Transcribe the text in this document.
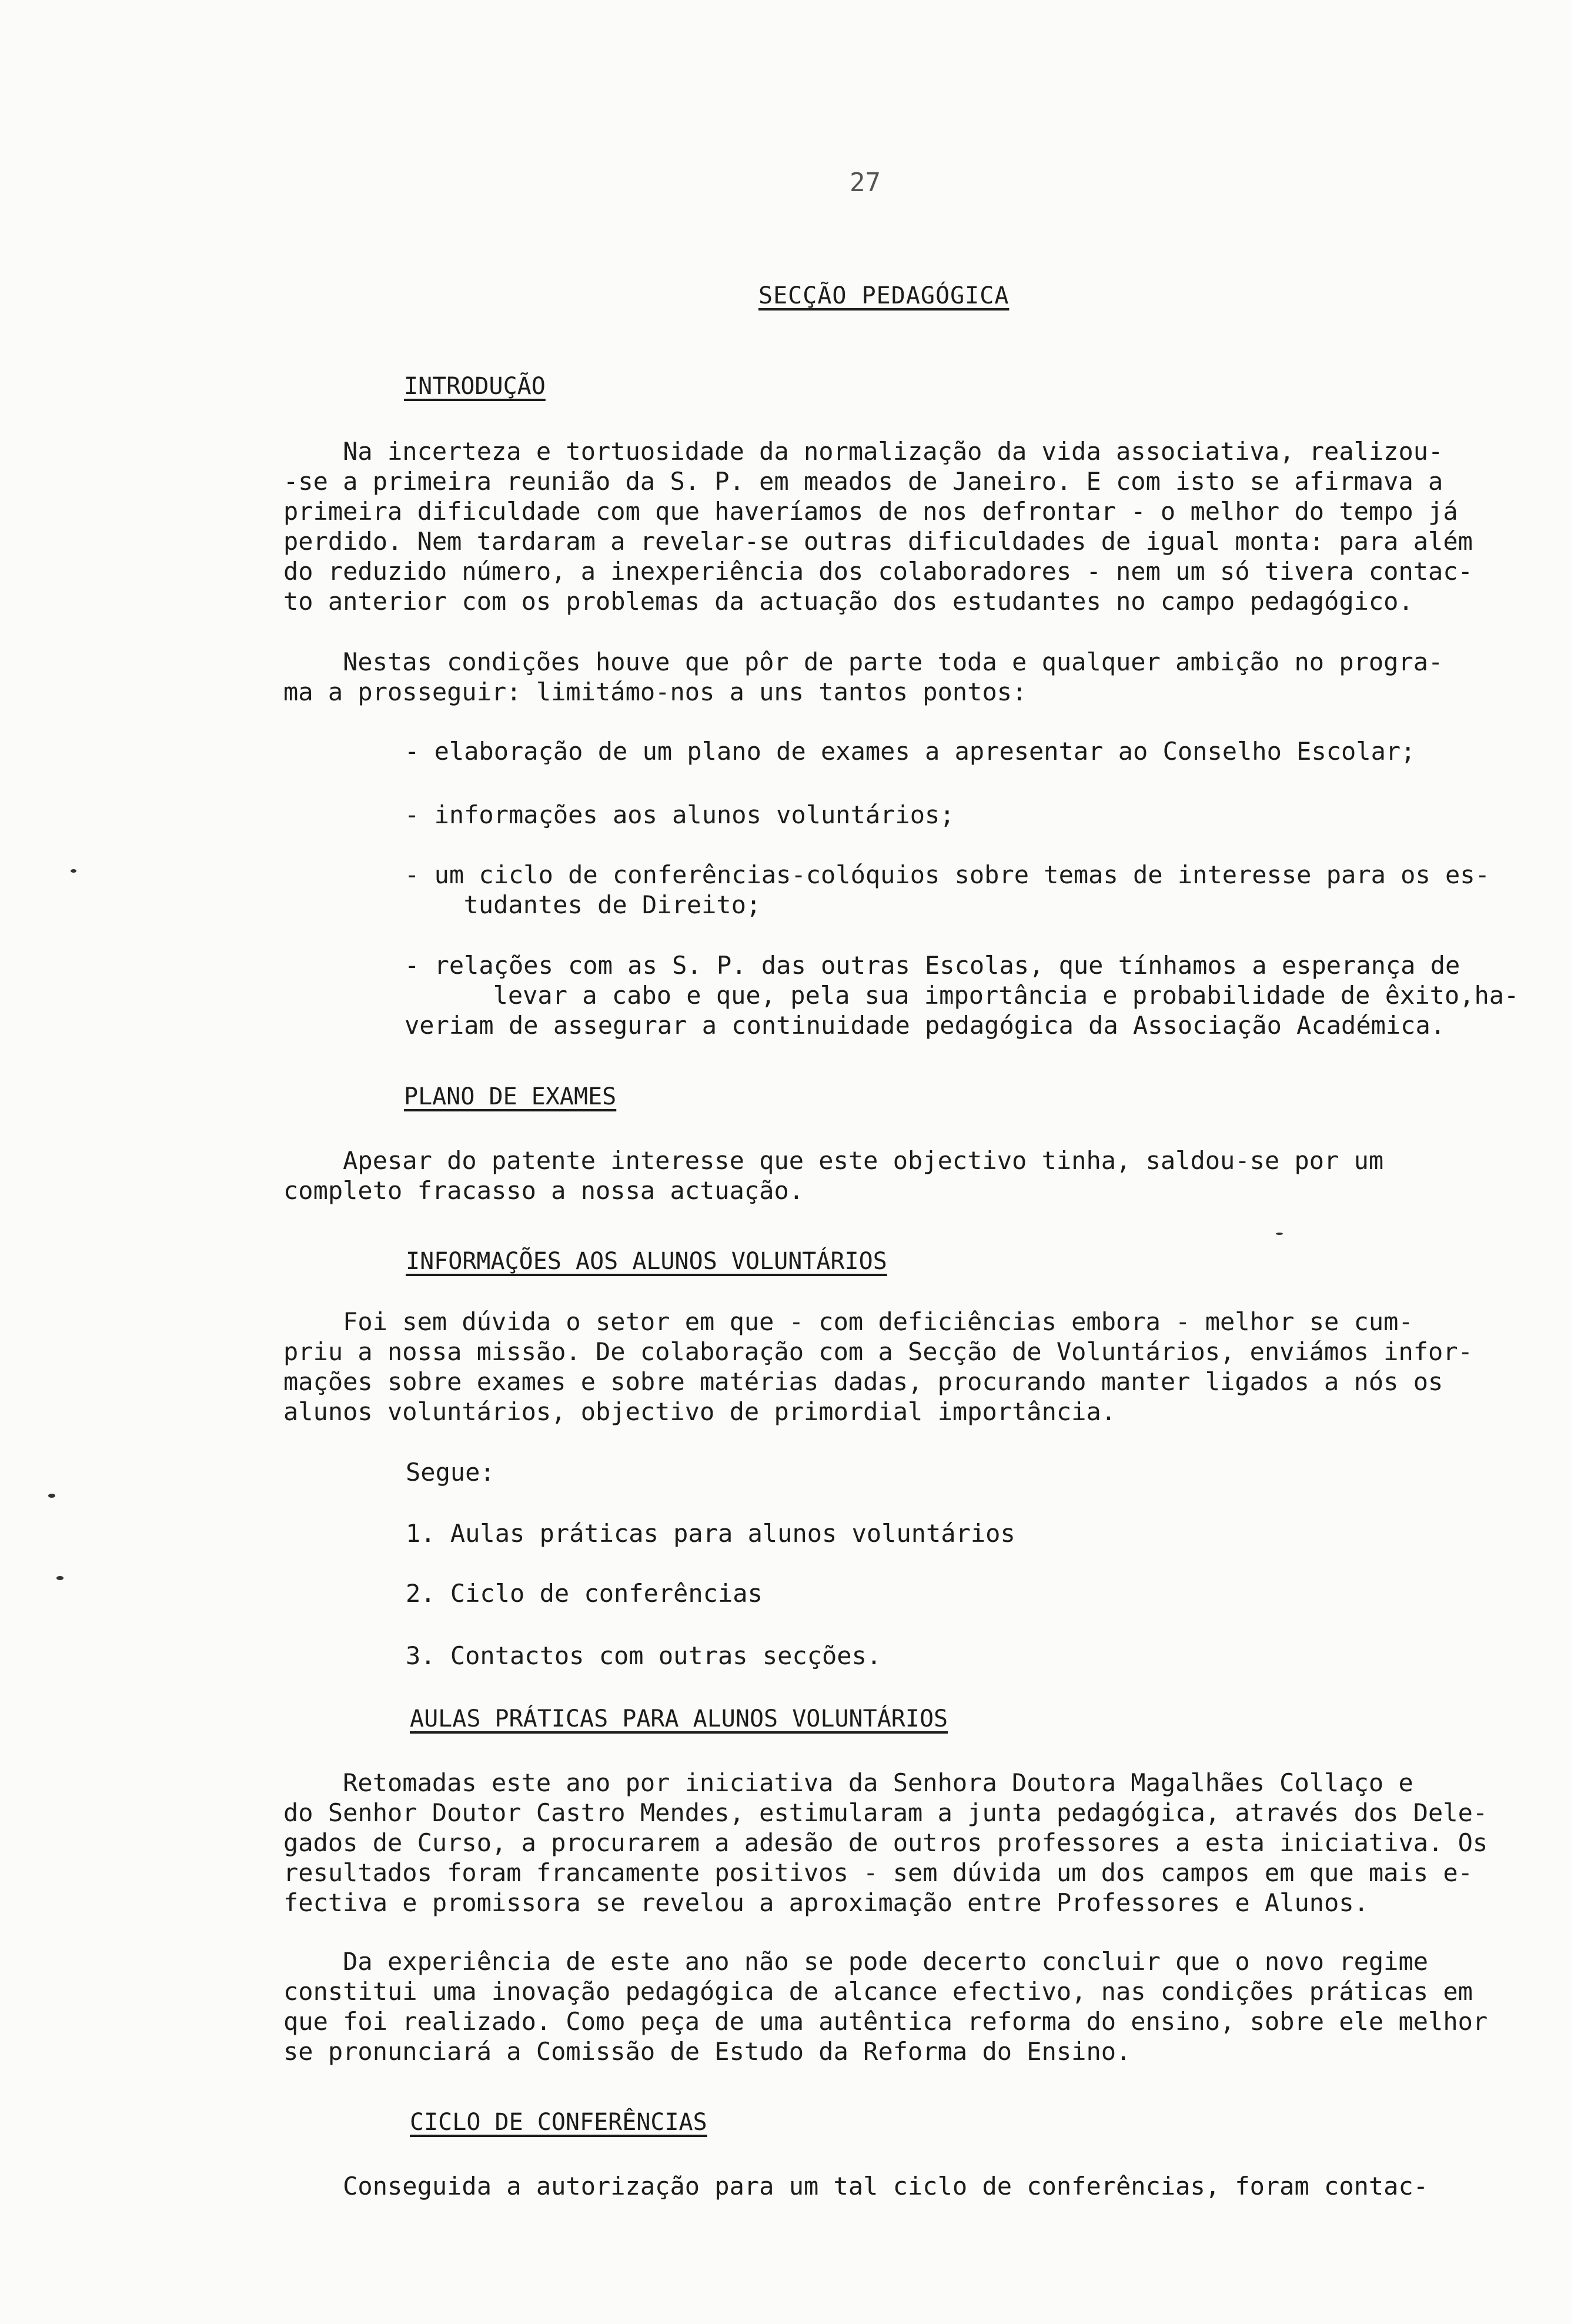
27
SECÇÃO PEDAGÓGICA
INTRODUÇÃO
Na incerteza e tortuosidade da normalização da vida associativa, realizou-
-se a primeira reunião da S. P. em meados de Janeiro. E com isto se afirmava a
primeira dificuldade com que haveríamos de nos defrontar - o melhor do tempo já
perdido. Nem tardaram a revelar-se outras dificuldades de igual monta: para além
do reduzido número, a inexperiência dos colaboradores - nem um só tivera contac-
to anterior com os problemas da actuação dos estudantes no campo pedagógico.
Nestas condições houve que pôr de parte toda e qualquer ambição no progra-
ma a prosseguir: limitámo-nos a uns tantos pontos:
- elaboração de um plano de exames a apresentar ao Conselho Escolar;
- informações aos alunos voluntários;
- um ciclo de conferências-colóquios sobre temas de interesse para os es-
tudantes de Direito;
- relações com as S. P. das outras Escolas, que tínhamos a esperança de
levar a cabo e que, pela sua importância e probabilidade de êxito,ha-
veriam de assegurar a continuidade pedagógica da Associação Académica.
PLANO DE EXAMES
Apesar do patente interesse que este objectivo tinha, saldou-se por um
completo fracasso a nossa actuação.
INFORMAÇÕES AOS ALUNOS VOLUNTÁRIOS
Foi sem dúvida o setor em que - com deficiências embora - melhor se cum-
priu a nossa missão. De colaboração com a Secção de Voluntários, enviámos infor-
mações sobre exames e sobre matérias dadas, procurando manter ligados a nós os
alunos voluntários, objectivo de primordial importância.
Segue:
1. Aulas práticas para alunos voluntários
2. Ciclo de conferências
3. Contactos com outras secções.
AULAS PRÁTICAS PARA ALUNOS VOLUNTÁRIOS
Retomadas este ano por iniciativa da Senhora Doutora Magalhães Collaço e
do Senhor Doutor Castro Mendes, estimularam a junta pedagógica, através dos Dele-
gados de Curso, a procurarem a adesão de outros professores a esta iniciativa. Os
resultados foram francamente positivos - sem dúvida um dos campos em que mais e-
fectiva e promissora se revelou a aproximação entre Professores e Alunos.
Da experiência de este ano não se pode decerto concluir que o novo regime
constitui uma inovação pedagógica de alcance efectivo, nas condições práticas em
que foi realizado. Como peça de uma autêntica reforma do ensino, sobre ele melhor
se pronunciará a Comissão de Estudo da Reforma do Ensino.
CICLO DE CONFERÊNCIAS
Conseguida a autorização para um tal ciclo de conferências, foram contac-
